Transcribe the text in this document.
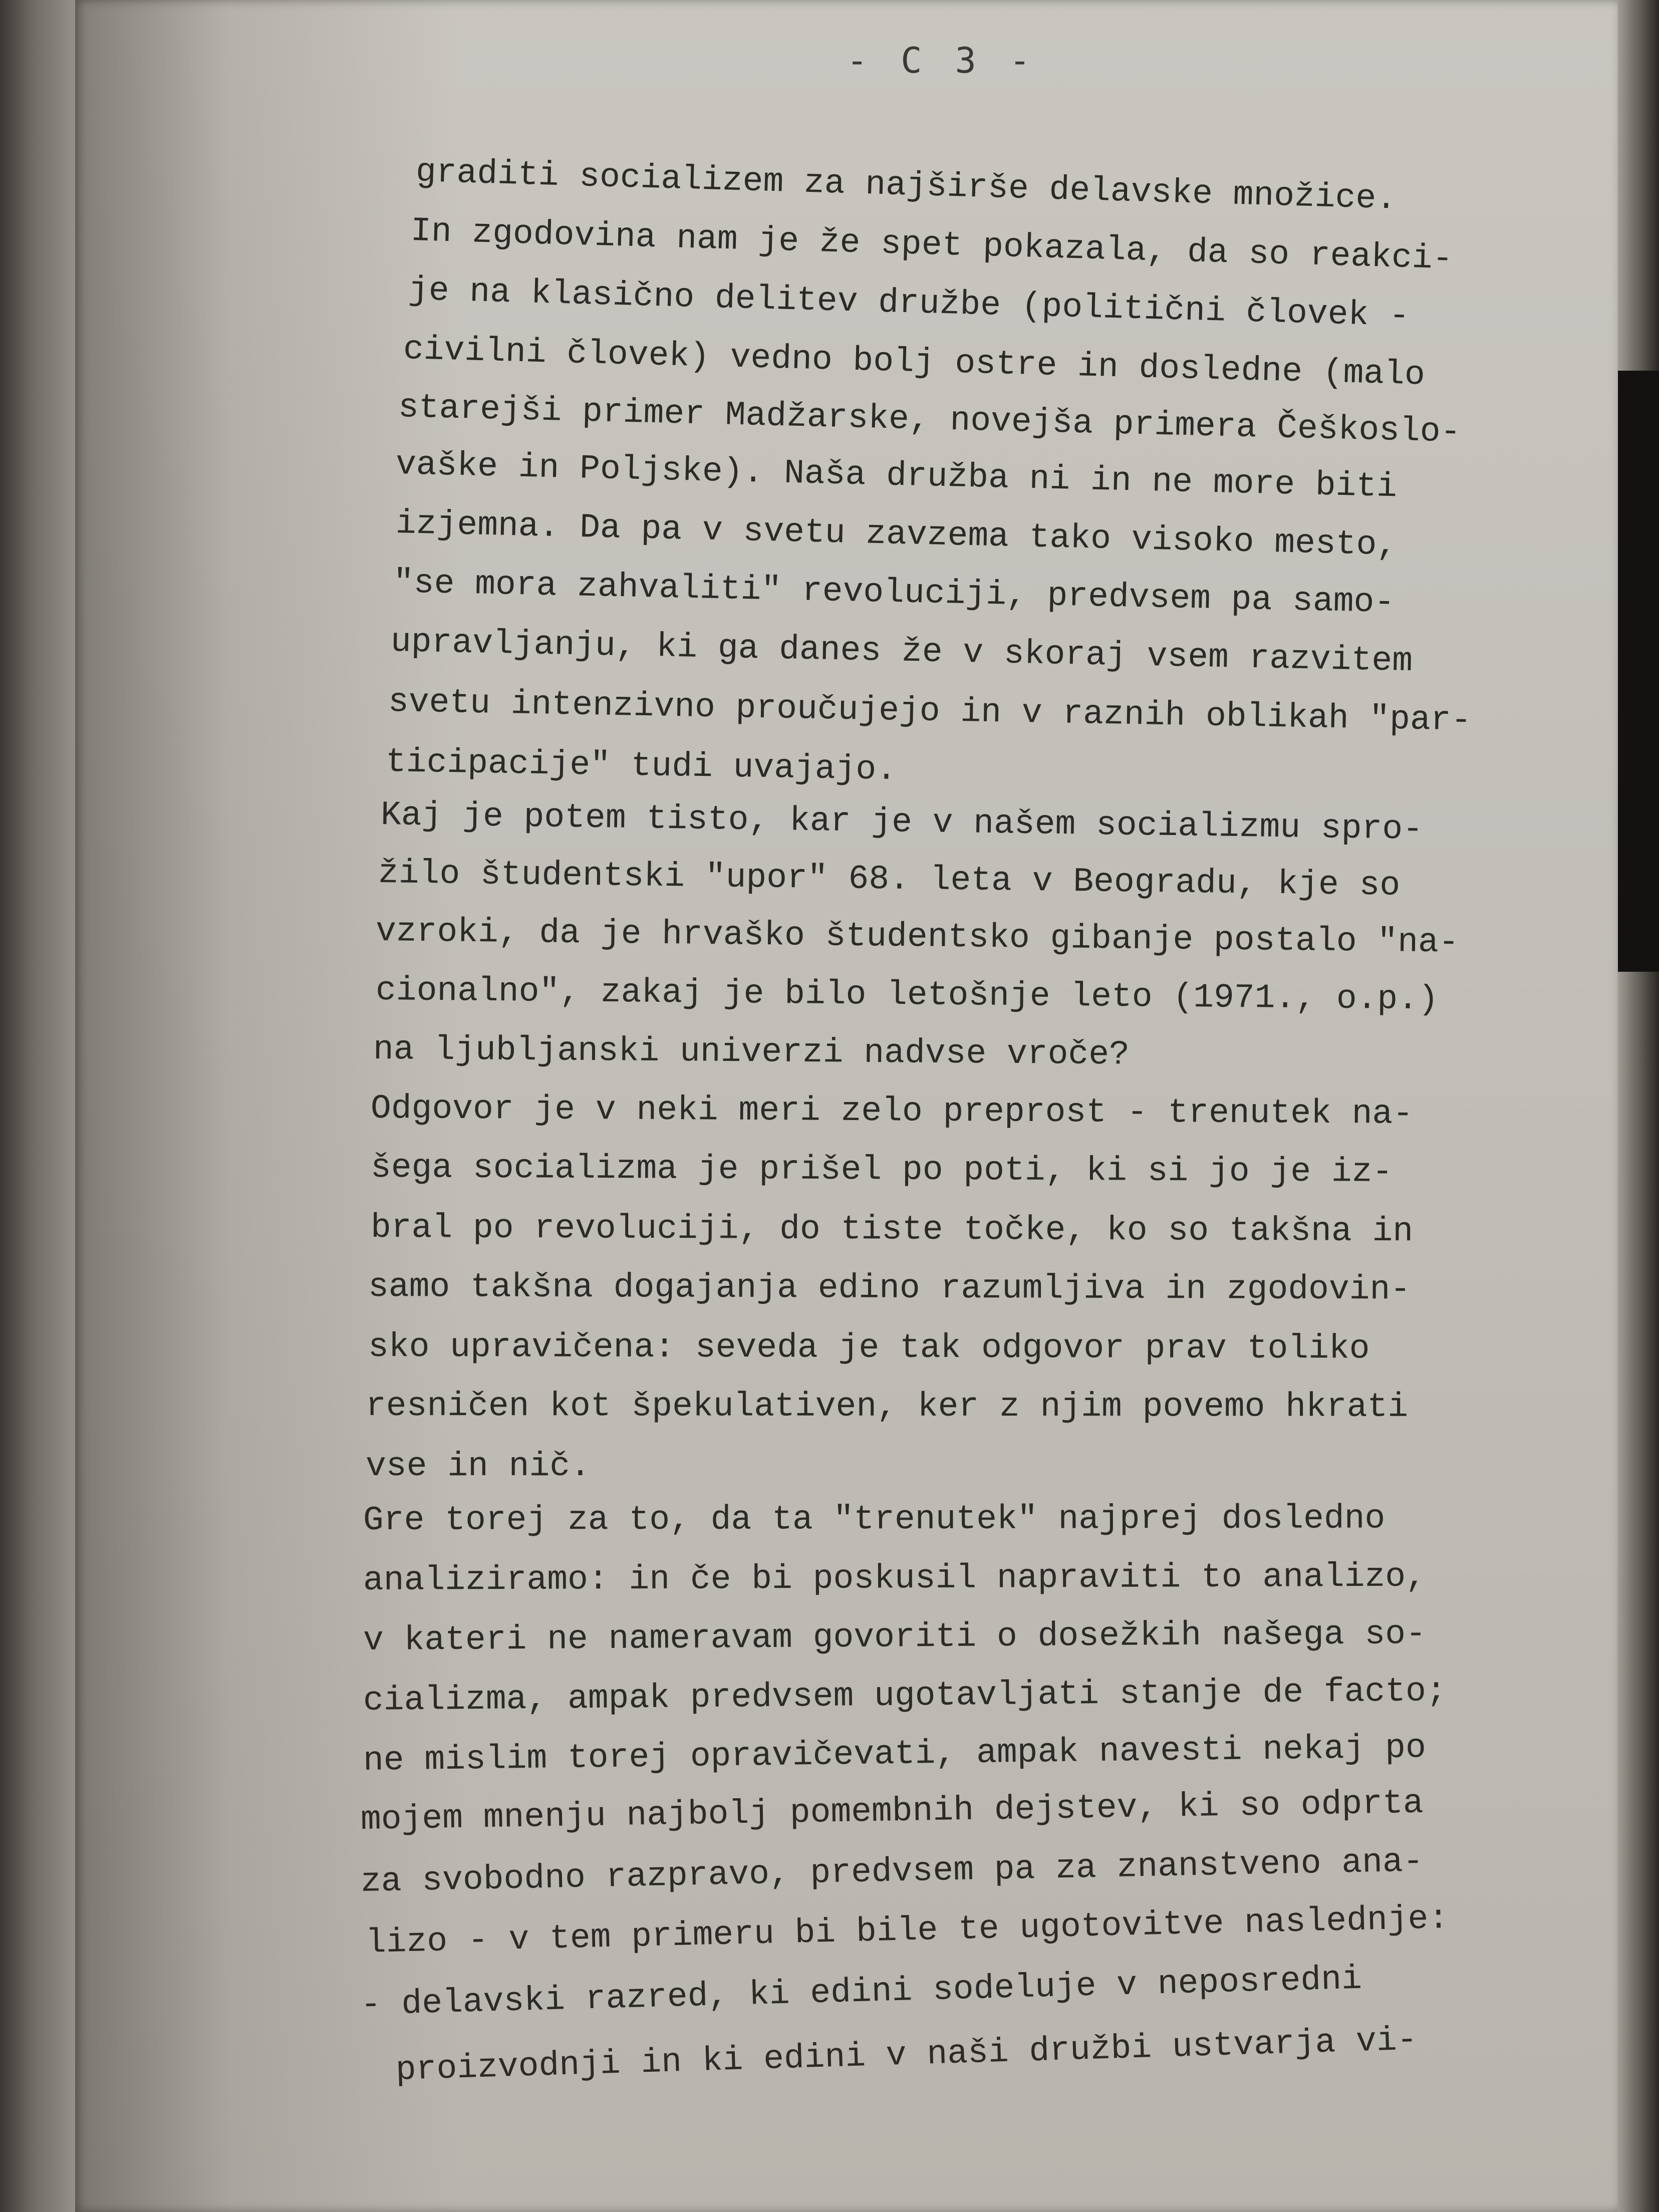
- C 3 -
graditi socializem za najširše delavske množice.
In zgodovina nam je že spet pokazala, da so reakci-
je na klasično delitev družbe (politični človek -
civilni človek) vedno bolj ostre in dosledne (malo
starejši primer Madžarske, novejša primera Češkoslo-
vaške in Poljske). Naša družba ni in ne more biti
izjemna. Da pa v svetu zavzema tako visoko mesto,
"se mora zahvaliti" revoluciji, predvsem pa samo-
upravljanju, ki ga danes že v skoraj vsem razvitem
svetu intenzivno proučujejo in v raznih oblikah "par-
ticipacije" tudi uvajajo.
Kaj je potem tisto, kar je v našem socializmu spro-
žilo študentski "upor" 68. leta v Beogradu, kje so
vzroki, da je hrvaško študentsko gibanje postalo "na-
cionalno", zakaj je bilo letošnje leto (1971., o.p.)
na ljubljanski univerzi nadvse vroče?
Odgovor je v neki meri zelo preprost - trenutek na-
šega socializma je prišel po poti, ki si jo je iz-
bral po revoluciji, do tiste točke, ko so takšna in
samo takšna dogajanja edino razumljiva in zgodovin-
sko upravičena: seveda je tak odgovor prav toliko
resničen kot špekulativen, ker z njim povemo hkrati
vse in nič.
Gre torej za to, da ta "trenutek" najprej dosledno
analiziramo: in če bi poskusil napraviti to analizo,
v kateri ne nameravam govoriti o dosežkih našega so-
cializma, ampak predvsem ugotavljati stanje de facto;
ne mislim torej opravičevati, ampak navesti nekaj po
mojem mnenju najbolj pomembnih dejstev, ki so odprta
za svobodno razpravo, predvsem pa za znanstveno ana-
lizo - v tem primeru bi bile te ugotovitve naslednje:
- delavski razred, ki edini sodeluje v neposredni
proizvodnji in ki edini v naši družbi ustvarja vi-
